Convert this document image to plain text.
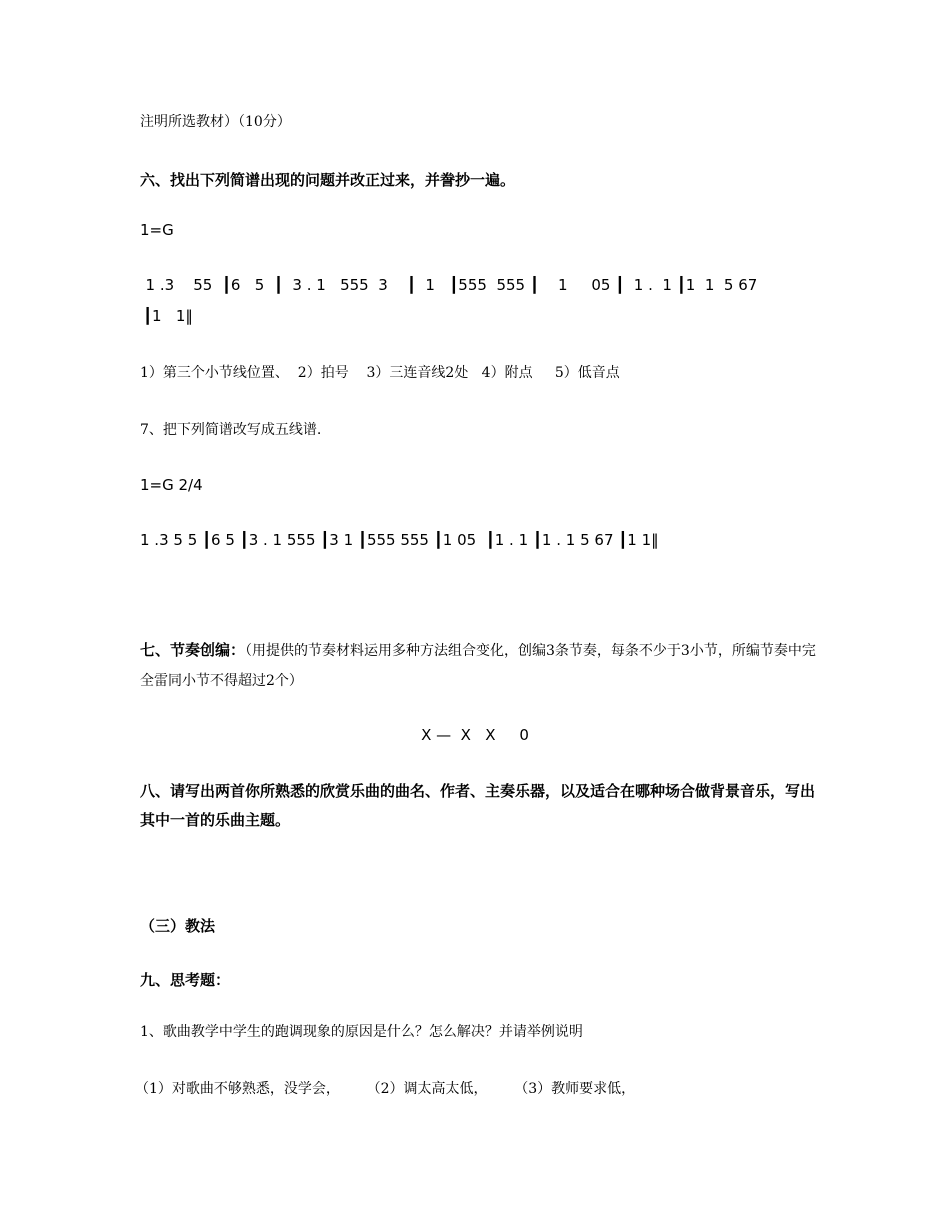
注明所选教材）（10分）
六、找出下列简谱出现的问题并改正过来，并誊抄一遍。
1=G
1 .3    55  ┃6   5  ┃  3 . 1   555  3    ┃  1   ┃555  555 ┃    1     05 ┃  1 .  1 ┃1  1  5 67
┃1   1‖
1）第三个小节线位置、  2）拍号    3）三连音线2处   4）附点     5）低音点
7、把下列简谱改写成五线谱.
1=G 2/4
1 .3 5 5 ┃6 5 ┃3 . 1 555 ┃3 1 ┃555 555 ┃1 05  ┃1 . 1 ┃1 . 1 5 67 ┃1 1‖
七、节奏创编：（用提供的节奏材料运用多种方法组合变化，创编3条节奏，每条不少于3小节，所编节奏中完全雷同小节不得超过2个）
X —  X   X     0
八、请写出两首你所熟悉的欣赏乐曲的曲名、作者、主奏乐器，以及适合在哪种场合做背景音乐，写出其中一首的乐曲主题。
（三）教法
九、思考题：
1、歌曲教学中学生的跑调现象的原因是什么？怎么解决？并请举例说明
（1）对歌曲不够熟悉，没学会，      （2）调太高太低，      （3）教师要求低，
